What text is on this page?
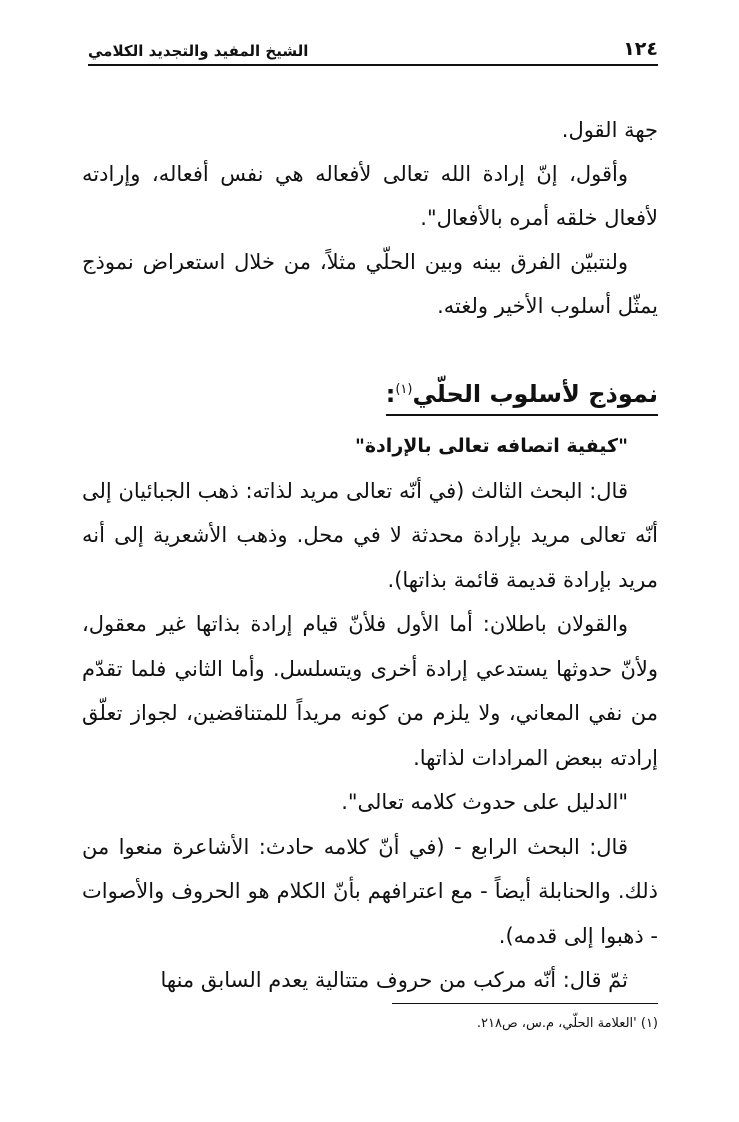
١٢٤
الشيخ المفيد والتجديد الكلامي

جهة القول.

وأقول، إنّ إرادة الله تعالى لأفعاله هي نفس أفعاله، وإرادته لأفعال خلقه أمره بالأفعال".

ولنتبيّن الفرق بينه وبين الحلّي مثلاً، من خلال استعراض نموذج يمثّل أسلوب الأخير ولغته.

نموذج لأسلوب الحلّي$^{(١)}$:

"كيفية اتصافه تعالى بالإرادة"

قال: البحث الثالث (في أنّه تعالى مريد لذاته: ذهب الجبائيان إلى أنّه تعالى مريد بإرادة محدثة لا في محل. وذهب الأشعرية إلى أنه مريد بإرادة قديمة قائمة بذاتها).

والقولان باطلان: أما الأول فلأنّ قيام إرادة بذاتها غير معقول، ولأنّ حدوثها يستدعي إرادة أخرى ويتسلسل. وأما الثاني فلما تقدّم من نفي المعاني، ولا يلزم من كونه مريداً للمتناقضين، لجواز تعلّق إرادته ببعض المرادات لذاتها.

"الدليل على حدوث كلامه تعالى".

قال: البحث الرابع - (في أنّ كلامه حادث: الأشاعرة منعوا من ذلك. والحنابلة أيضاً - مع اعترافهم بأنّ الكلام هو الحروف والأصوات - ذهبوا إلى قدمه).

ثمّ قال: أنّه مركب من حروف متتالية يعدم السابق منها

(١) 'العلامة الحلّي، م.س، ص٢١٨.
